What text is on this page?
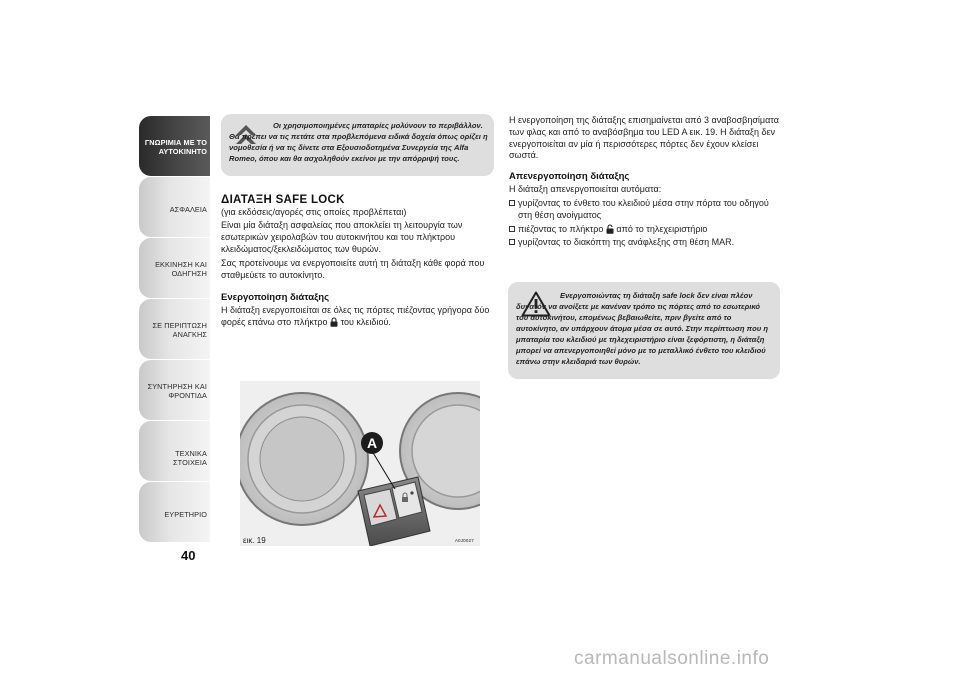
ΓΝΩΡΙΜΙΑ ΜΕ ΤΟ
ΑΥΤΟΚΙΝΗΤΟ
ΑΣΦΑΛΕΙΑ
ΕΚΚΙΝΗΣΗ ΚΑΙ
ΟΔΗΓΗΣΗ
ΣΕ ΠΕΡΙΠΤΩΣΗ
ΑΝΑΓΚΗΣ
ΣΥΝΤΗΡΗΣΗ ΚΑΙ
ΦΡΟΝΤΙΔΑ
ΤΕΧΝΙΚΑ ΣΤΟΙΧΕΙΑ
ΕΥΡΕΤΗΡΙΟ
40
Οι χρησιμοποιημένες μπαταρίες μολύνουν το περιβάλλον. Θα πρέπει να τις πετάτε στα προβλεπόμενα ειδικά δοχεία όπως ορίζει η νομοθεσία ή να τις δίνετε στα Εξουσιοδοτημένα Συνεργεία της Alfa Romeo, όπου και θα ασχοληθούν εκείνοι με την απόρριψή τους.
ΔΙΑΤΑΞΗ SAFE LOCK
(για εκδόσεις/αγορές στις οποίες προβλέπεται)

Είναι μία διάταξη ασφαλείας που αποκλείει τη λειτουργία των εσωτερικών χειρολαβών του αυτοκινήτου και του πλήκτρου κλειδώματος/ξεκλειδώματος των θυρών.

Σας προτείνουμε να ενεργοποιείτε αυτή τη διάταξη κάθε φορά που σταθμεύετε το αυτοκίνητο.

Ενεργοποίηση διάταξης

Η διάταξη ενεργοποιείται σε όλες τις πόρτες πιέζοντας γρήγορα δύο φορές επάνω στο πλήκτρο του κλειδιού.

A
εικ. 19	A0J0027

Η ενεργοποίηση της διάταξης επισημαίνεται από 3 αναβοσβησίματα των φλας και από το αναβόσβημα του LED A εικ. 19. Η διάταξη δεν ενεργοποιείται αν μία ή περισσότερες πόρτες δεν έχουν κλείσει σωστά.

Απενεργοποίηση διάταξης

Η διάταξη απενεργοποιείται αυτόματα:

γυρίζοντας το ένθετο του κλειδιού μέσα στην πόρτα του οδηγού στη θέση ανοίγματος
πιέζοντας το πλήκτρο από το τηλεχειριστήριο
γυρίζοντας το διακόπτη της ανάφλεξης στη θέση MAR.
Ενεργοποιώντας τη διάταξη safe lock δεν είναι πλέον δυνατόν να ανοίξετε με κανέναν τρόπο τις πόρτες από το εσωτερικό του αυτοκινήτου, επομένως βεβαιωθείτε, πριν βγείτε από το αυτοκίνητο, αν υπάρχουν άτομα μέσα σε αυτό. Στην περίπτωση που η μπαταρία του κλειδιού με τηλεχειριστήριο είναι ξεφόρτιστη, η διάταξη μπορεί να απενεργοποιηθεί μόνο με το μεταλλικό ένθετο του κλειδιού επάνω στην κλειδαριά των θυρών.
carmanualsonline.info
